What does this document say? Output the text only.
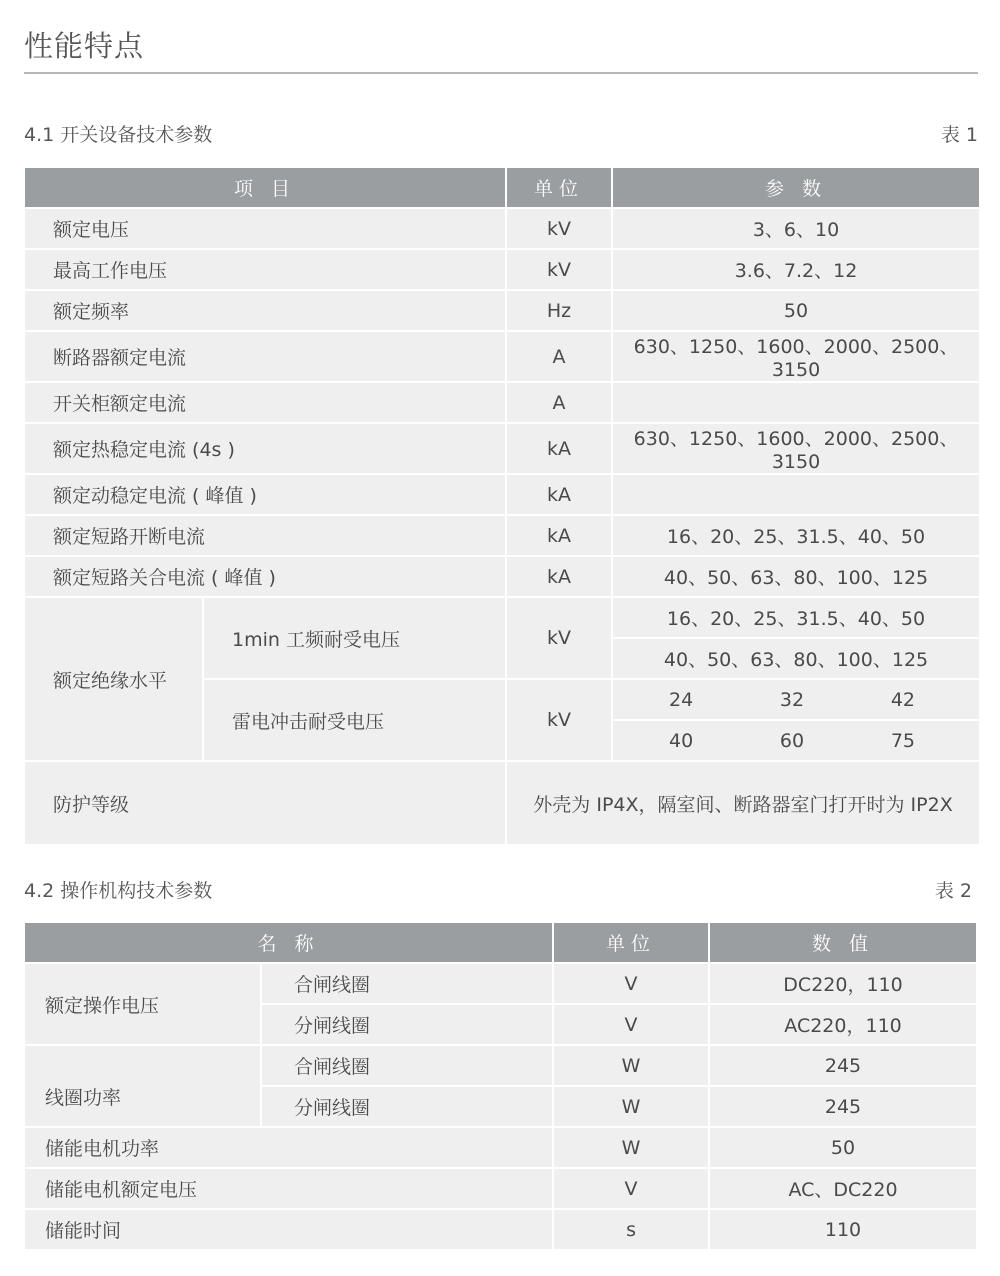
性能特点
4.1 开关设备技术参数	表 1
项 目		单位	参 数
额定电压		kV	3、6、10
最高工作电压		kV	3.6、7.2、12
额定频率		Hz	50
断路器额定电流		A	630、1250、1600、2000、2500、3150
开关柜额定电流		A	
额定热稳定电流 (4s )		kA	630、1250、1600、2000、2500、3150
额定动稳定电流 ( 峰值 )		kA	
额定短路开断电流		kA	16、20、25、31.5、40、50
额定短路关合电流 ( 峰值 )		kA	40、50、63、80、100、125
额定绝缘水平	1min 工频耐受电压	kV	16、20、25、31.5、40、50
			40、50、63、80、100、125
	雷电冲击耐受电压	kV	24 32 42

			40 60 75

防护等级		外壳为 IP4X，隔室间、断路器室门打开时为 IP2X	
4.2 操作机构技术参数	表 2
名 称		单位	数 值
额定操作电压	合闸线圈	V	DC220，110
	分闸线圈	V	AC220，110
线圈功率	合闸线圈	W	245
	分闸线圈	W	245
储能电机功率		W	50
储能电机额定电压		V	AC、DC220
储能时间		s	110
